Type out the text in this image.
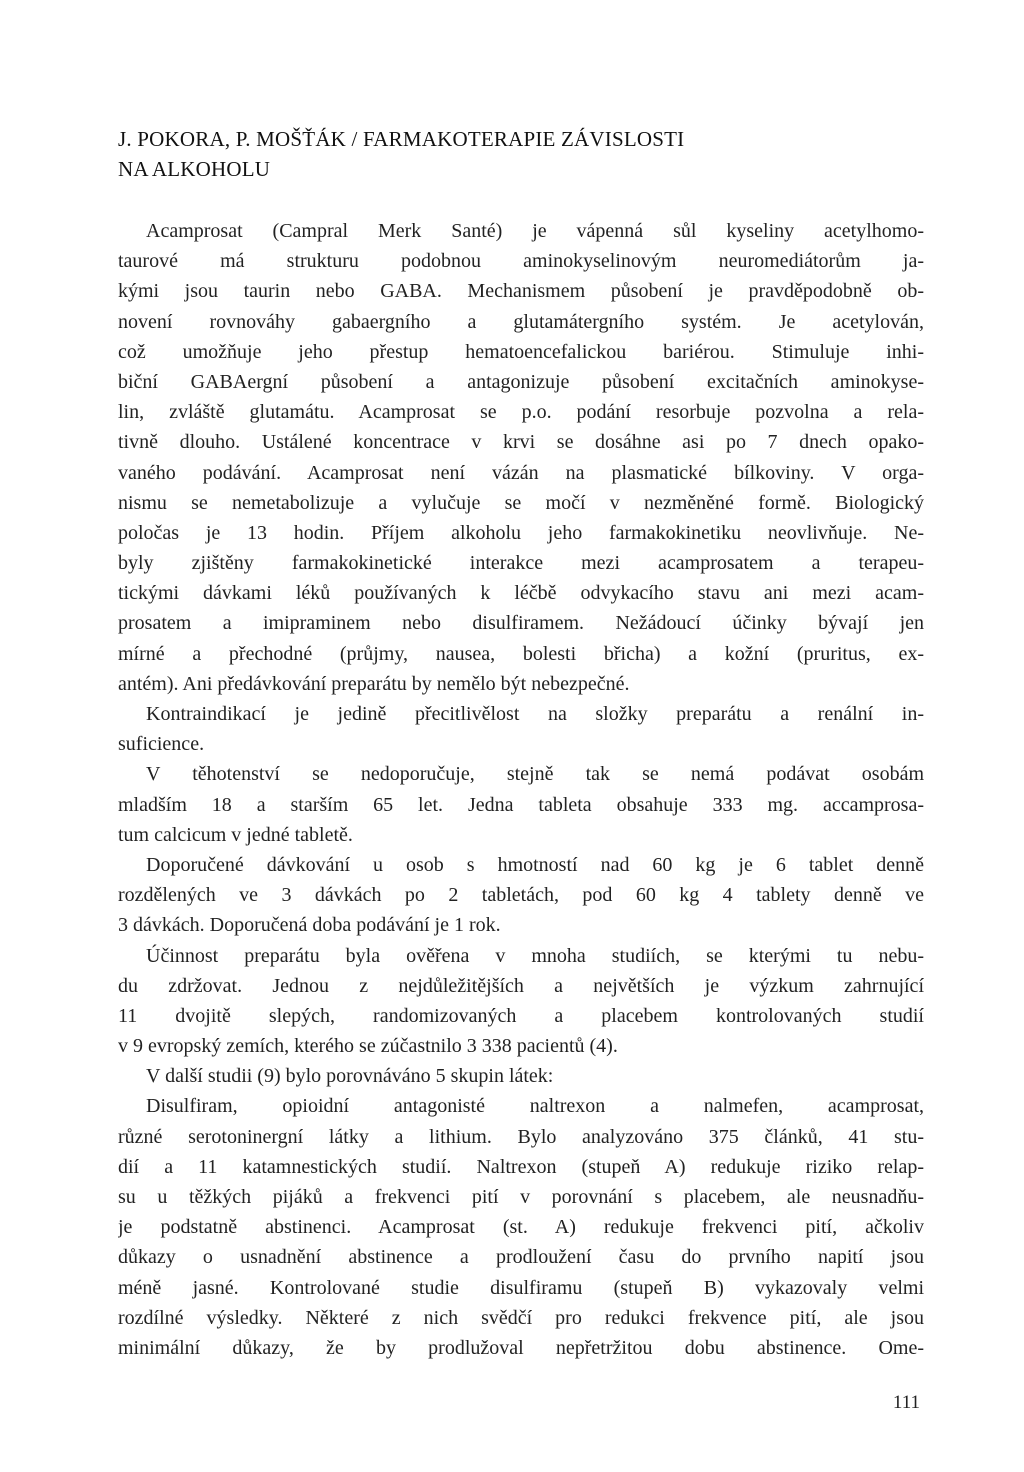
J. POKORA, P. MOŠŤÁK / FARMAKOTERAPIE ZÁVISLOSTI
NA ALKOHOLU
Acamprosat (Campral Merk Santé) je vápenná sůl kyseliny acetylhomo-
taurové má strukturu podobnou aminokyselinovým neuromediátorům ja-
kými jsou taurin nebo GABA. Mechanismem působení je pravděpodobně ob-
novení rovnováhy gabaergního a glutamátergního systém. Je acetylován,
což umožňuje jeho přestup hematoencefalickou bariérou. Stimuluje inhi-
biční GABAergní působení a antagonizuje působení excitačních aminokyse-
lin, zvláště glutamátu. Acamprosat se p.o. podání resorbuje pozvolna a rela-
tivně dlouho. Ustálené koncentrace v krvi se dosáhne asi po 7 dnech opako-
vaného podávání. Acamprosat není vázán na plasmatické bílkoviny. V orga-
nismu se nemetabolizuje a vylučuje se močí v nezměněné formě. Biologický
poločas je 13 hodin. Příjem alkoholu jeho farmakokinetiku neovlivňuje. Ne-
byly zjištěny farmakokinetické interakce mezi acamprosatem a terapeu-
tickými dávkami léků používaných k léčbě odvykacího stavu ani mezi acam-
prosatem a imipraminem nebo disulfiramem. Nežádoucí účinky bývají jen
mírné a přechodné (průjmy, nausea, bolesti břicha) a kožní (pruritus, ex-
antém). Ani předávkování preparátu by nemělo být nebezpečné.
Kontraindikací je jedině přecitlivělost na složky preparátu a renální in-
suficience.
V těhotenství se nedoporučuje, stejně tak se nemá podávat osobám
mladším 18 a starším 65 let. Jedna tableta obsahuje 333 mg. accamprosa-
tum calcicum v jedné tabletě.
Doporučené dávkování u osob s hmotností nad 60 kg je 6 tablet denně
rozdělených ve 3 dávkách po 2 tabletách, pod 60 kg 4 tablety denně ve
3 dávkách. Doporučená doba podávání je 1 rok.
Účinnost preparátu byla ověřena v mnoha studiích, se kterými tu nebu-
du zdržovat. Jednou z nejdůležitějších a největších je výzkum zahrnující
11 dvojitě slepých, randomizovaných a placebem kontrolovaných studií
v 9 evropský zemích, kterého se zúčastnilo 3 338 pacientů (4).
V další studii (9) bylo porovnáváno 5 skupin látek:
Disulfiram, opioidní antagonisté naltrexon a nalmefen, acamprosat,
různé serotoninergní látky a lithium. Bylo analyzováno 375 článků, 41 stu-
dií a 11 katamnestických studií. Naltrexon (stupeň A) redukuje riziko relap-
su u těžkých pijáků a frekvenci pití v porovnání s placebem, ale neusnadňu-
je podstatně abstinenci. Acamprosat (st. A) redukuje frekvenci pití, ačkoliv
důkazy o usnadnění abstinence a prodloužení času do prvního napití jsou
méně jasné. Kontrolované studie disulfiramu (stupeň B) vykazovaly velmi
rozdílné výsledky. Některé z nich svědčí pro redukci frekvence pití, ale jsou
minimální důkazy, že by prodlužoval nepřetržitou dobu abstinence. Ome-
111
